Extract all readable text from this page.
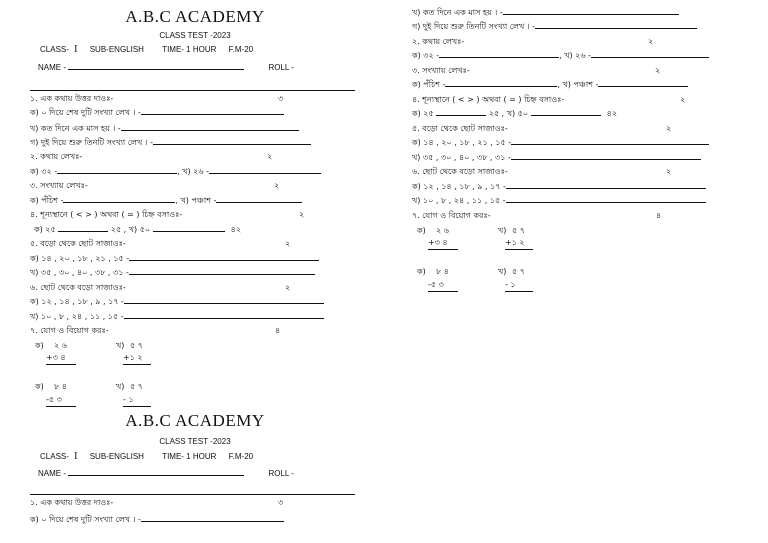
A.B.C ACADEMY
CLASS TEST -2023
CLASS- I SUB-ENGLISH TIME- 1 HOUR F.M-20
NAME -	ROLL -
১. এক কথায় উত্তর দাওঃ-	৩
ক) ০ দিয়ে শেষ দুটি সংখ্যা লেখ । -
খ) কত দিনে এক মাস হয় । -
গ) দুই দিয়ে শুরু তিনটি সংখ্যা লেখ । -
২. কথায় লেখঃ-	২
ক) ৩২ -	, খ) ২৬ -
৩. সংখ্যায় লেখঃ-	২
ক) পঁচিশ -	, খ) পঞ্চাশ -
৪. শূন্যস্থানে ( < > ) অথবা ( = ) চিহ্ন বসাওঃ-	২
ক) ২৫	২৫ , খ) ৫০	৪২
৫. বড়ো থেকে ছোট সাজাওঃ-	২
ক) ১৪ , ২০ , ১৮ , ২১ , ১৫ -
খ) ৩৫ , ৩০ , ৪০ , ৩৮ , ৩১ -
৬. ছোট থেকে বড়ো সাজাওঃ-	২
ক) ১২ , ১৪ , ১৮ , ৯ , ১৭ -
খ) ১০ , ৮ , ২৪ , ১১ , ১৫ -
৭. যোগ ও বিয়োগ করঃ-	৪
ক) ২ ৬
+৩ ৪
খ) ৫ ৭
+১ ২
ক) ৮ ৪
-৫ ৩
খ) ৫ ৭
- ১
A.B.C ACADEMY
CLASS TEST -2023
CLASS- I SUB-ENGLISH TIME- 1 HOUR F.M-20
NAME -	ROLL -
১. এক কথায় উত্তর দাওঃ-	৩
ক) ০ দিয়ে শেষ দুটি সংখ্যা লেখ । -
খ) কত দিনে এক মাস হয় । -
গ) দুই দিয়ে শুরু তিনটি সংখ্যা লেখ । -
২. কথায় লেখঃ-	২
ক) ৩২ -	, খ) ২৬ -
৩. সংখ্যায় লেখঃ-	২
ক) পঁচিশ -	, খ) পঞ্চাশ -
৪. শূন্যস্থানে ( < > ) অথবা ( = ) চিহ্ন বসাওঃ-	২
ক) ২৫	২৫ , খ) ৫০	৪২
৫. বড়ো থেকে ছোট সাজাওঃ-	২
ক) ১৪ , ২০ , ১৮ , ২১ , ১৫ -
খ) ৩৫ , ৩০ , ৪০ , ৩৮ , ৩১ -
৬. ছোট থেকে বড়ো সাজাওঃ-	২
ক) ১২ , ১৪ , ১৮ , ৯ , ১৭ -
খ) ১০ , ৮ , ২৪ , ১১ , ১৫ -
৭. যোগ ও বিয়োগ করঃ-	৪
ক) ২ ৬
+৩ ৪
খ) ৫ ৭
+১ ২
ক) ৮ ৪
-৫ ৩
খ) ৫ ৭
- ১
